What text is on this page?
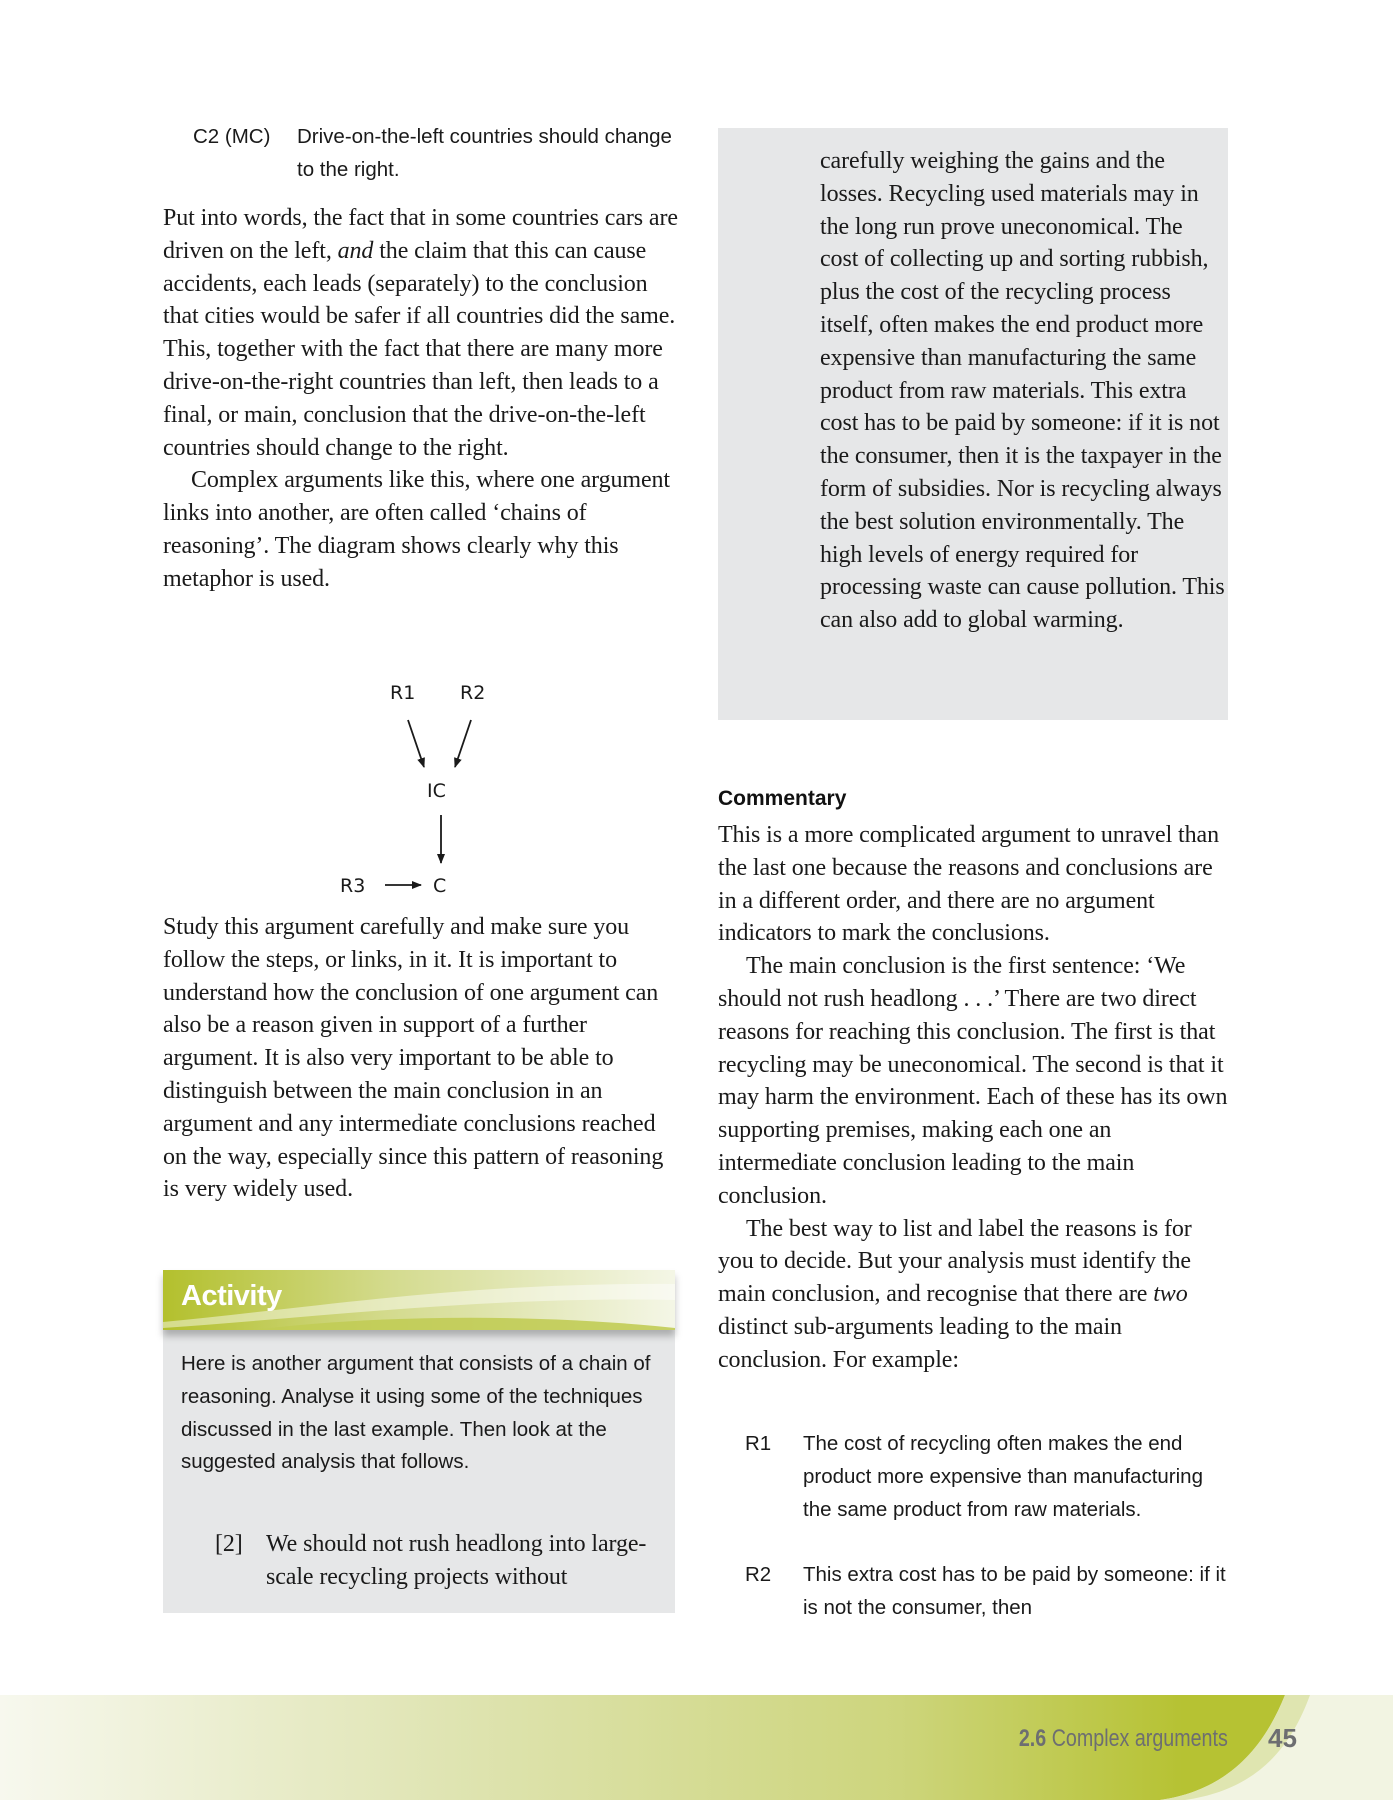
C2 (MC) Drive-on-the-left countries should change to the right.

Put into words, the fact that in some countries cars are driven on the left, and the claim that this can cause accidents, each leads (separately) to the conclusion that cities would be safer if all countries did the same. This, together with the fact that there are many more drive-on-the-right countries than left, then leads to a final, or main, conclusion that the drive-on-the-left countries should change to the right.

Complex arguments like this, where one argument links into another, are often called ‘chains of reasoning’. The diagram shows clearly why this metaphor is used.

R1 R2
IC
R3	C

Study this argument carefully and make sure you follow the steps, or links, in it. It is important to understand how the conclusion of one argument can also be a reason given in support of a further argument. It is also very important to be able to distinguish between the main conclusion in an argument and any intermediate conclusions reached on the way, especially since this pattern of reasoning is very widely used.

Activity

Here is another argument that consists of a chain of reasoning. Analyse it using some of the techniques discussed in the last example. Then look at the suggested analysis that follows.

[2] We should not rush headlong into large-scale recycling projects without

carefully weighing the gains and the losses. Recycling used materials may in the long run prove uneconomical. The cost of collecting up and sorting rubbish, plus the cost of the recycling process itself, often makes the end product more expensive than manufacturing the same product from raw materials. This extra cost has to be paid by someone: if it is not the consumer, then it is the taxpayer in the form of subsidies. Nor is recycling always the best solution environmentally. The high levels of energy required for processing waste can cause pollution. This can also add to global warming.

Commentary

This is a more complicated argument to unravel than the last one because the reasons and conclusions are in a different order, and there are no argument indicators to mark the conclusions.

The main conclusion is the first sentence: ‘We should not rush headlong . . .’ There are two direct reasons for reaching this conclusion. The first is that recycling may be uneconomical. The second is that it may harm the environment. Each of these has its own supporting premises, making each one an intermediate conclusion leading to the main conclusion.

The best way to list and label the reasons is for you to decide. But your analysis must identify the main conclusion, and recognise that there are two distinct sub-arguments leading to the main conclusion. For example:

R1 The cost of recycling often makes the end product more expensive than manufacturing the same product from raw materials.
R2 This extra cost has to be paid by someone: if it is not the consumer, then
2.6 Complex arguments 45
